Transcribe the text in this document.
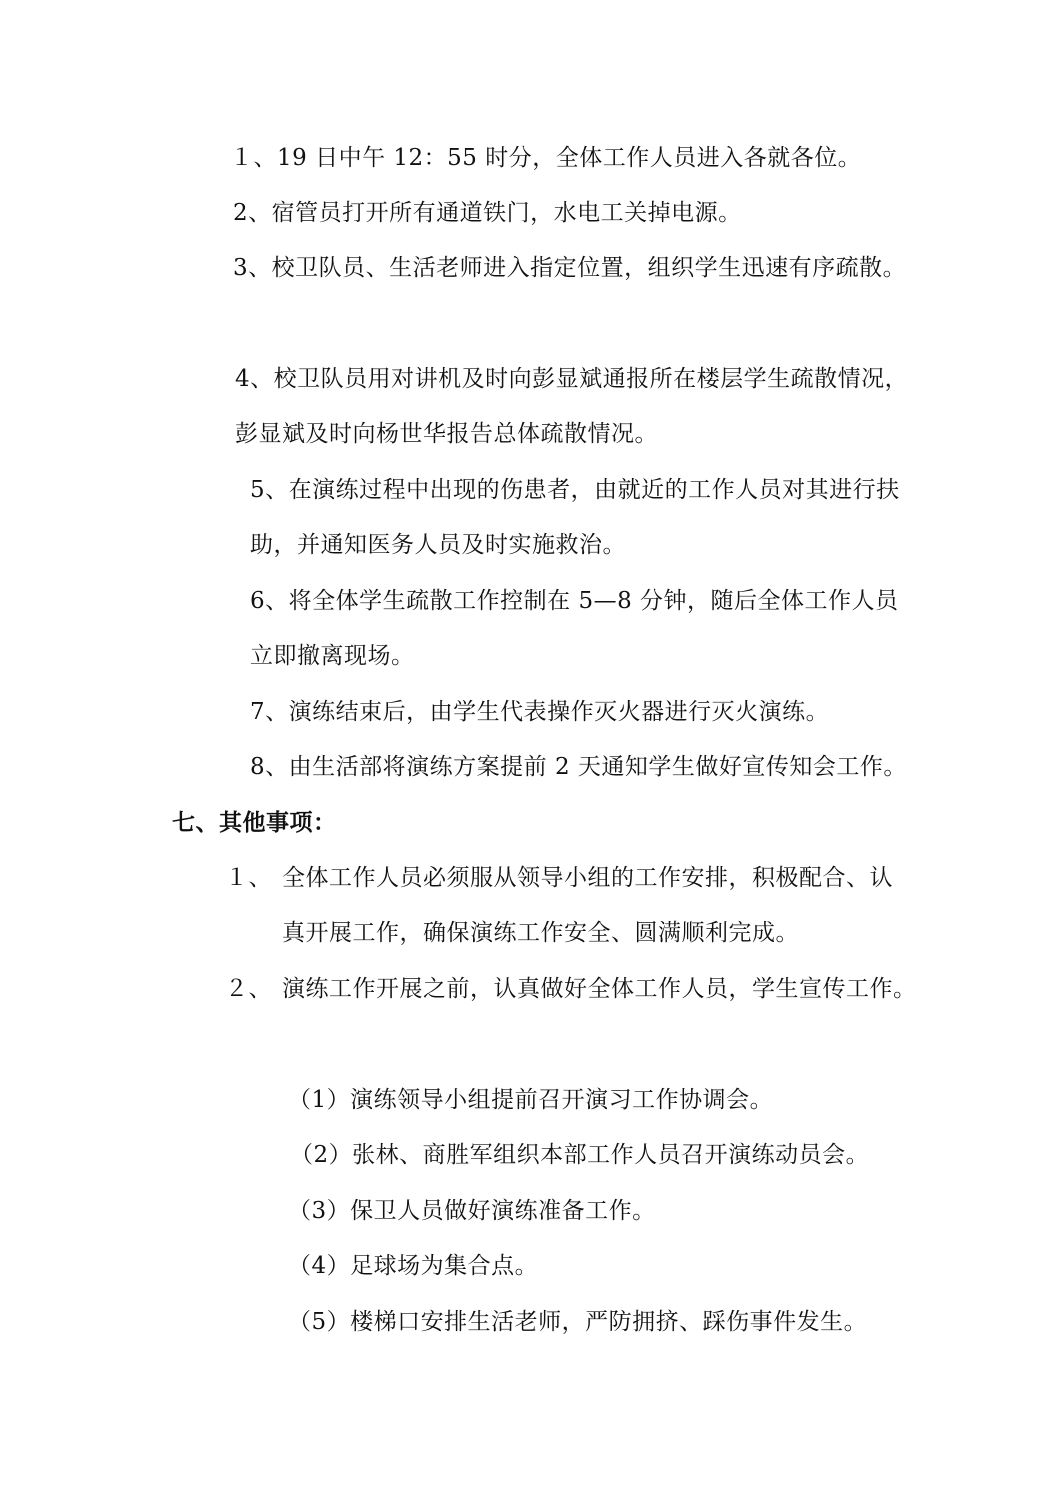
１、19 日中午 12：55 时分，全体工作人员进入各就各位。
2、宿管员打开所有通道铁门，水电工关掉电源。
3、校卫队员、生活老师进入指定位置，组织学生迅速有序疏散。
4、校卫队员用对讲机及时向彭显斌通报所在楼层学生疏散情况，
彭显斌及时向杨世华报告总体疏散情况。
5、在演练过程中出现的伤患者，由就近的工作人员对其进行扶
助，并通知医务人员及时实施救治。
6、将全体学生疏散工作控制在 5—8 分钟，随后全体工作人员
立即撤离现场。
7、演练结束后，由学生代表操作灭火器进行灭火演练。
8、由生活部将演练方案提前 2 天通知学生做好宣传知会工作。
七、其他事项：
１、 全体工作人员必须服从领导小组的工作安排，积极配合、认
真开展工作，确保演练工作安全、圆满顺利完成。
２、 演练工作开展之前，认真做好全体工作人员，学生宣传工作。
（1）演练领导小组提前召开演习工作协调会。
（2）张林、商胜军组织本部工作人员召开演练动员会。
（3）保卫人员做好演练准备工作。
（4）足球场为集合点。
（5）楼梯口安排生活老师，严防拥挤、踩伤事件发生。
